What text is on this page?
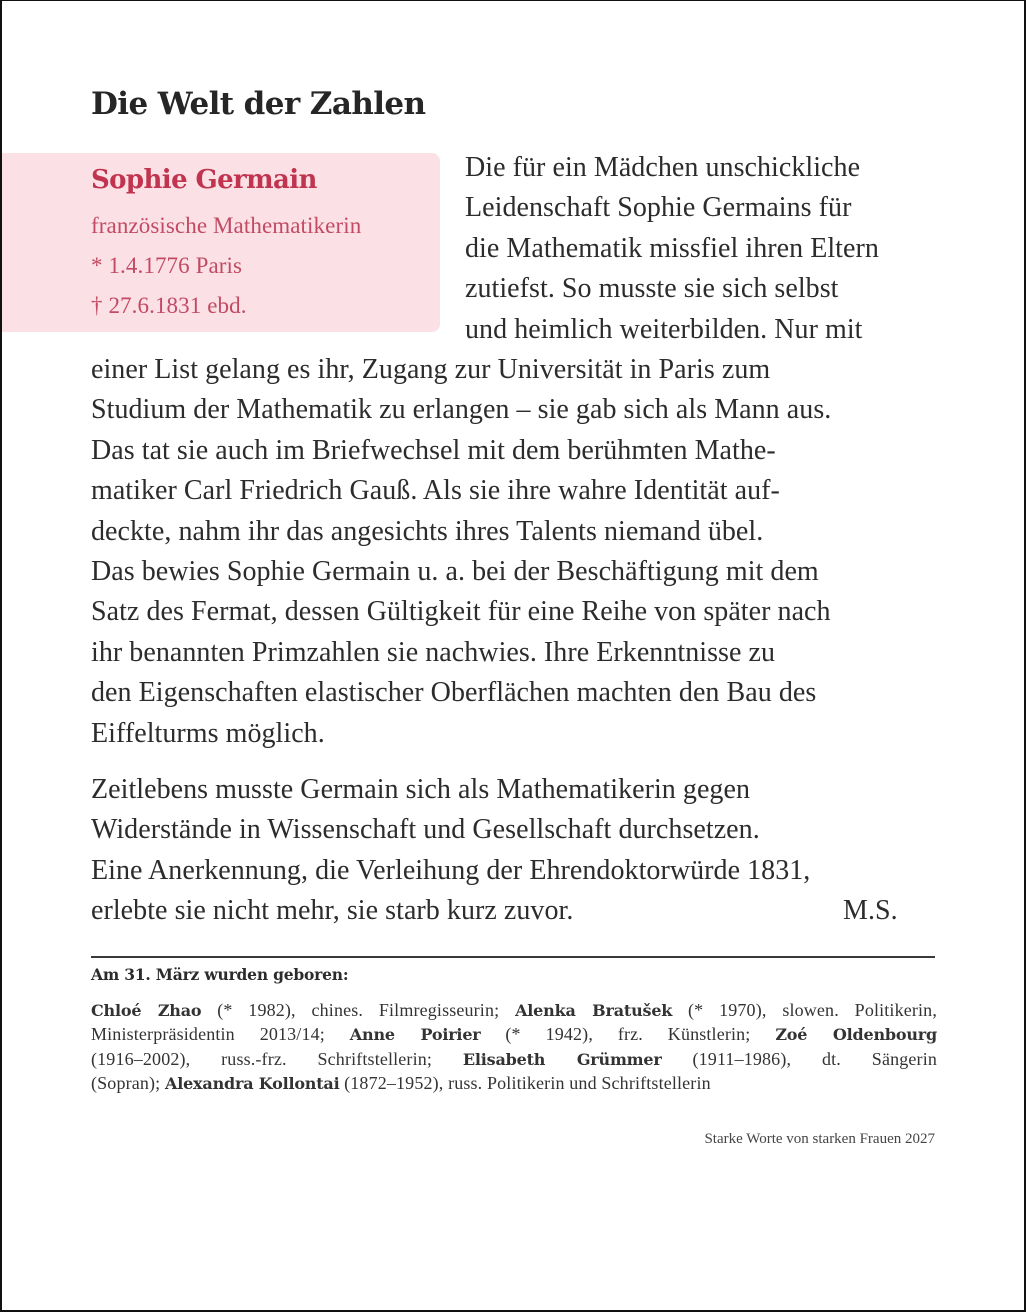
Die Welt der Zahlen
Sophie Germain
französische Mathematikerin
* 1.4.1776 Paris
† 27.6.1831 ebd.
Die für ein Mädchen unschickliche
Leidenschaft Sophie Germains für
die Mathematik missfiel ihren Eltern
zutiefst. So musste sie sich selbst
und heimlich weiterbilden. Nur mit
einer List gelang es ihr, Zugang zur Universität in Paris zum
Studium der Mathematik zu erlangen – sie gab sich als Mann aus.
Das tat sie auch im Briefwechsel mit dem berühmten Mathe-
matiker Carl Friedrich Gauß. Als sie ihre wahre Identität auf-
deckte, nahm ihr das angesichts ihres Talents niemand übel.
Das bewies Sophie Germain u. a. bei der Beschäftigung mit dem
Satz des Fermat, dessen Gültigkeit für eine Reihe von später nach
ihr benannten Primzahlen sie nachwies. Ihre Erkenntnisse zu
den Eigenschaften elastischer Oberflächen machten den Bau des
Eiffelturms möglich.
Zeitlebens musste Germain sich als Mathematikerin gegen
Widerstände in Wissenschaft und Gesellschaft durchsetzen.
Eine Anerkennung, die Verleihung der Ehrendoktorwürde 1831,
erlebte sie nicht mehr, sie starb kurz zuvor.	M.S.
Am 31. März wurden geboren:
Chloé Zhao (* 1982), chines. Filmregisseurin; Alenka Bratušek (* 1970), slowen. Politikerin,
Ministerpräsidentin 2013/14; Anne Poirier (* 1942), frz. Künstlerin; Zoé Oldenbourg
(1916–2002), russ.-frz. Schriftstellerin; Elisabeth Grümmer (1911–1986), dt. Sängerin
(Sopran); Alexandra Kollontai (1872–1952), russ. Politikerin und Schriftstellerin
Starke Worte von starken Frauen 2027
